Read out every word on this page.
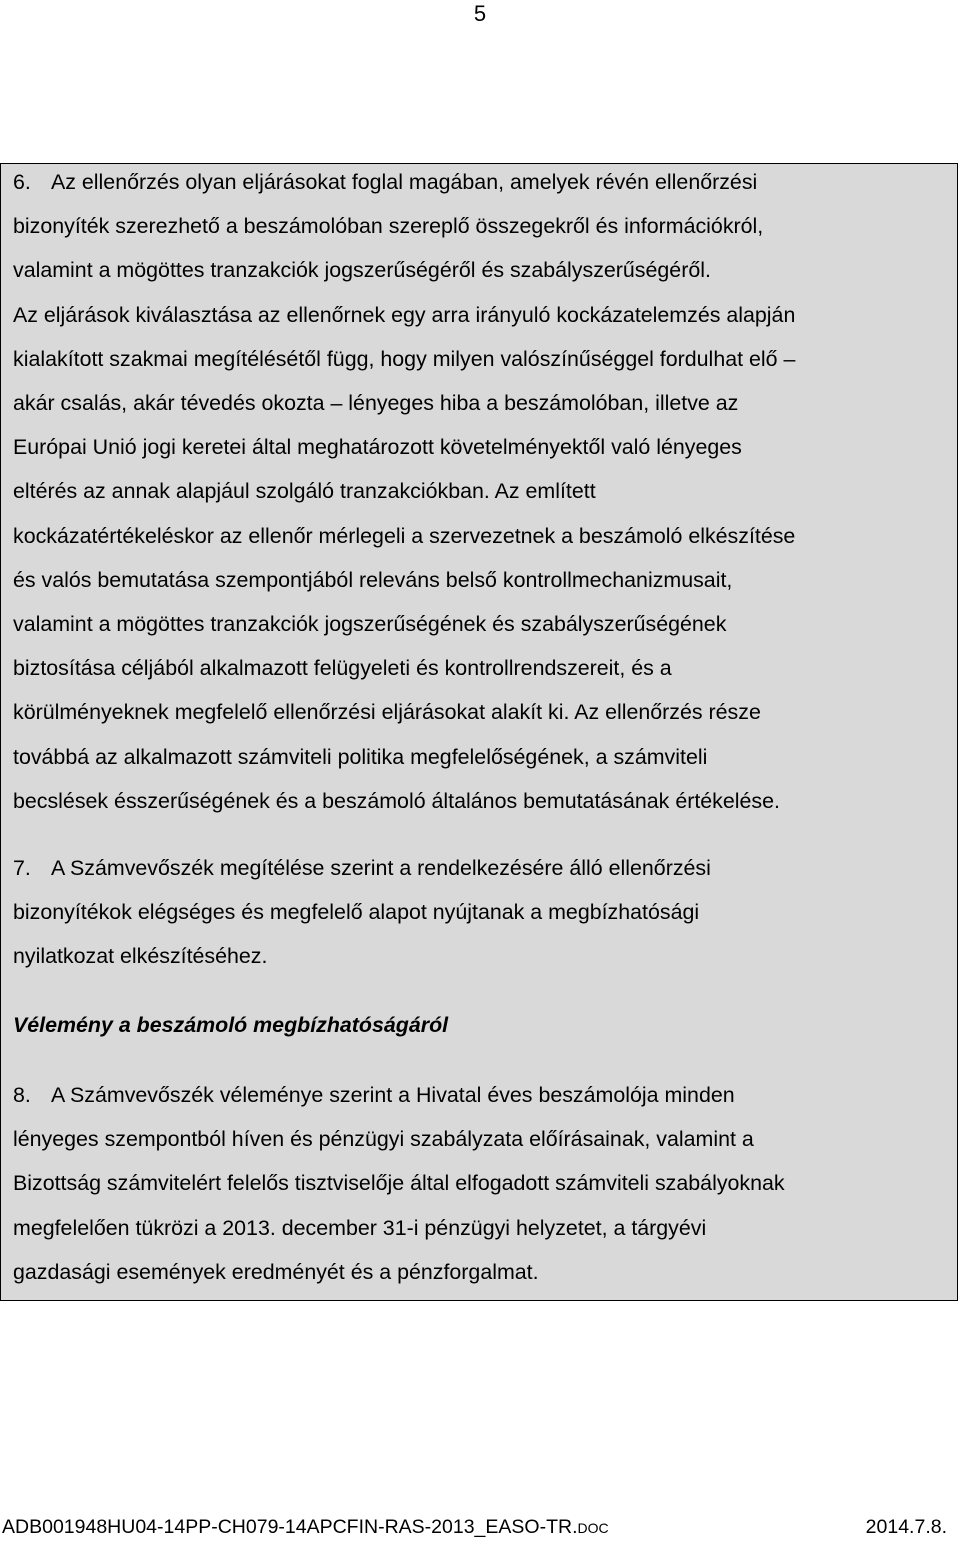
5
6. Az ellenőrzés olyan eljárásokat foglal magában, amelyek révén ellenőrzési
bizonyíték szerezhető a beszámolóban szereplő összegekről és információkról,
valamint a mögöttes tranzakciók jogszerűségéről és szabályszerűségéről.
Az eljárások kiválasztása az ellenőrnek egy arra irányuló kockázatelemzés alapján
kialakított szakmai megítélésétől függ, hogy milyen valószínűséggel fordulhat elő –
akár csalás, akár tévedés okozta – lényeges hiba a beszámolóban, illetve az
Európai Unió jogi keretei által meghatározott követelményektől való lényeges
eltérés az annak alapjául szolgáló tranzakciókban. Az említett
kockázatértékeléskor az ellenőr mérlegeli a szervezetnek a beszámoló elkészítése
és valós bemutatása szempontjából releváns belső kontrollmechanizmusait,
valamint a mögöttes tranzakciók jogszerűségének és szabályszerűségének
biztosítása céljából alkalmazott felügyeleti és kontrollrendszereit, és a
körülményeknek megfelelő ellenőrzési eljárásokat alakít ki. Az ellenőrzés része
továbbá az alkalmazott számviteli politika megfelelőségének, a számviteli
becslések ésszerűségének és a beszámoló általános bemutatásának értékelése.
7. A Számvevőszék megítélése szerint a rendelkezésére álló ellenőrzési
bizonyítékok elégséges és megfelelő alapot nyújtanak a megbízhatósági
nyilatkozat elkészítéséhez.
Vélemény a beszámoló megbízhatóságáról
8. A Számvevőszék véleménye szerint a Hivatal éves beszámolója minden
lényeges szempontból híven és pénzügyi szabályzata előírásainak, valamint a
Bizottság számvitelért felelős tisztviselője által elfogadott számviteli szabályoknak
megfelelően tükrözi a 2013. december 31-i pénzügyi helyzetet, a tárgyévi
gazdasági események eredményét és a pénzforgalmat.
ADB001948HU04-14PP-CH079-14APCFIN-RAS-2013_EASO-TR.DOC	2014.7.8.
